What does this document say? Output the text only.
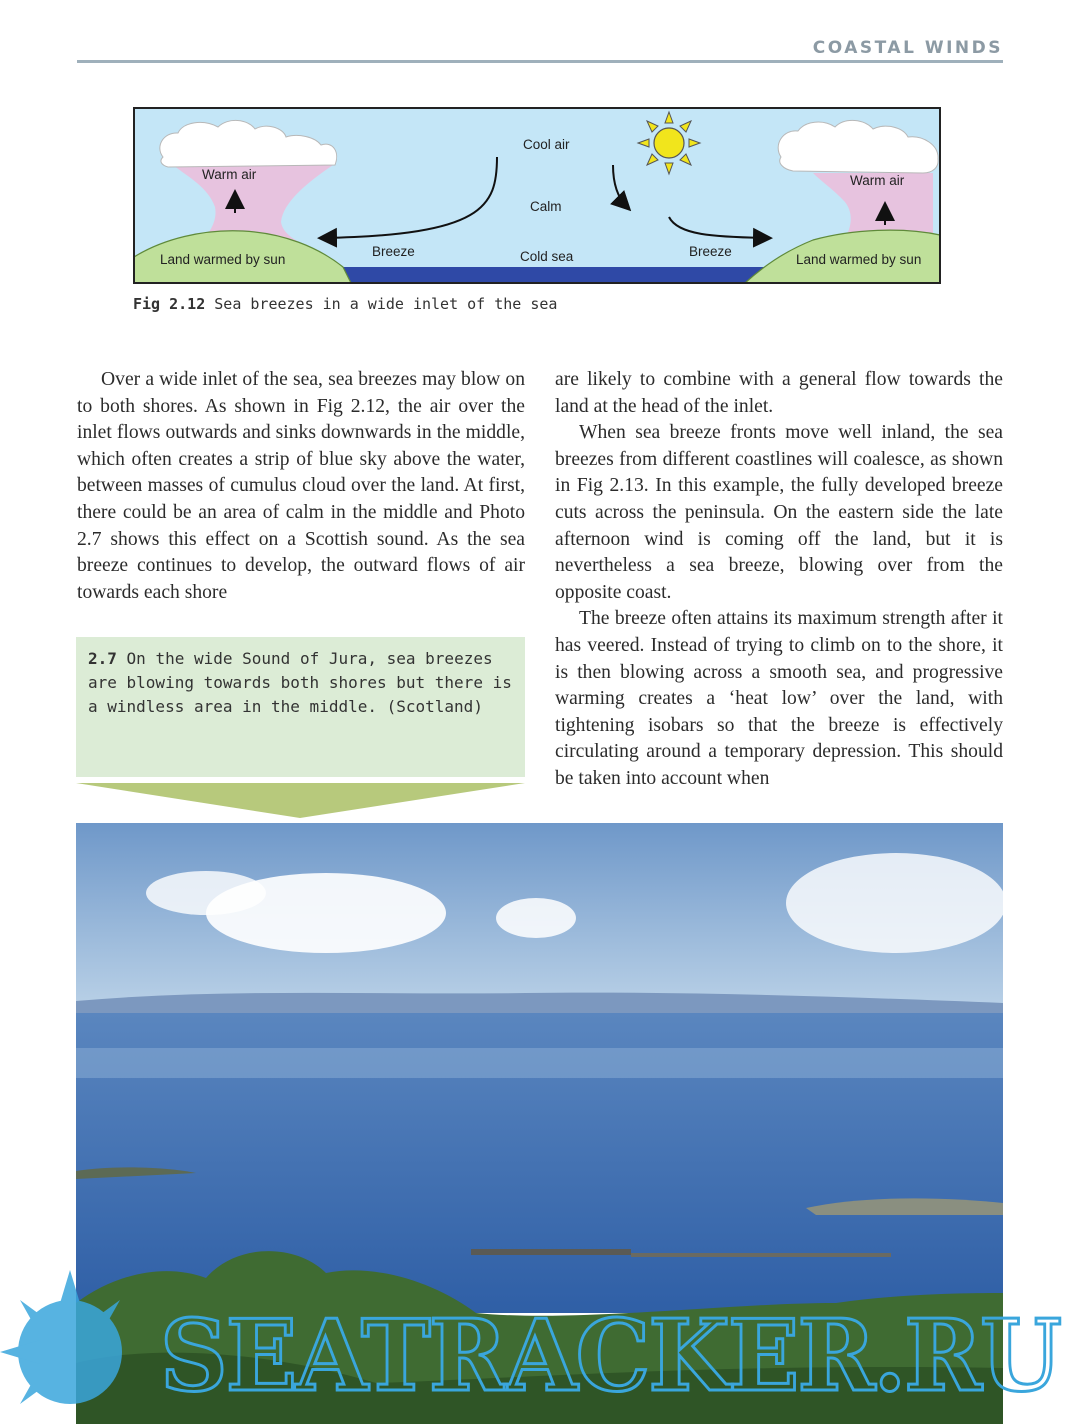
COASTAL WINDS
Cool air
Calm
Warm air	Warm air
Breeze	Breeze
Cold sea
Land warmed by sun	Land warmed by sun
Fig 2.12 Sea breezes in a wide inlet of the sea

Over a wide inlet of the sea, sea breezes may blow on to both shores. As shown in Fig 2.12, the air over the inlet flows outwards and sinks downwards in the middle, which often creates a strip of blue sky above the water, between masses of cumulus cloud over the land. At first, there could be an area of calm in the middle and Photo 2.7 shows this effect on a Scottish sound. As the sea breeze continues to develop, the outward flows of air towards each shore

are likely to combine with a general flow towards the land at the head of the inlet.

When sea breeze fronts move well inland, the sea breezes from different coastlines will coalesce, as shown in Fig 2.13. In this example, the fully developed breeze cuts across the peninsula. On the eastern side the late afternoon wind is coming off the land, but it is nevertheless a sea breeze, blowing over from the opposite coast.

The breeze often attains its maximum strength after it has veered. Instead of trying to climb on to the shore, it is then blowing across a smooth sea, and progressive warming creates a ‘heat low’ over the land, with tightening isobars so that the breeze is effectively circulating around a temporary depression. This should be taken into account when

2.7 On the wide Sound of Jura, sea breezes are blowing towards both shores but there is a windless area in the middle. (Scotland)
SEATRACKER.RU
